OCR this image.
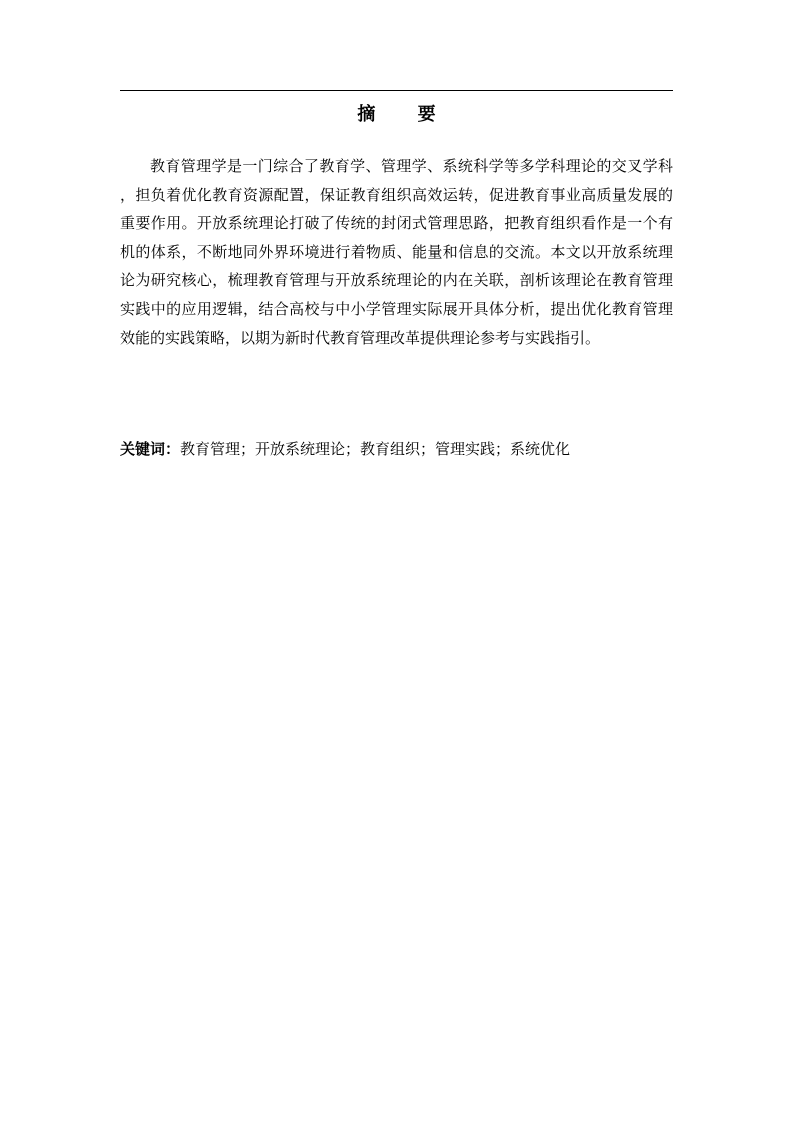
摘 要

教育管理学是一门综合了教育学、管理学、系统科学等多学科理论的交叉学科，担负着优化教育资源配置，保证教育组织高效运转，促进教育事业高质量发展的重要作用。开放系统理论打破了传统的封闭式管理思路，把教育组织看作是一个有机的体系，不断地同外界环境进行着物质、能量和信息的交流。本文以开放系统理论为研究核心，梳理教育管理与开放系统理论的内在关联，剖析该理论在教育管理实践中的应用逻辑，结合高校与中小学管理实际展开具体分析，提出优化教育管理效能的实践策略，以期为新时代教育管理改革提供理论参考与实践指引。

关键词：教育管理；开放系统理论；教育组织；管理实践；系统优化
